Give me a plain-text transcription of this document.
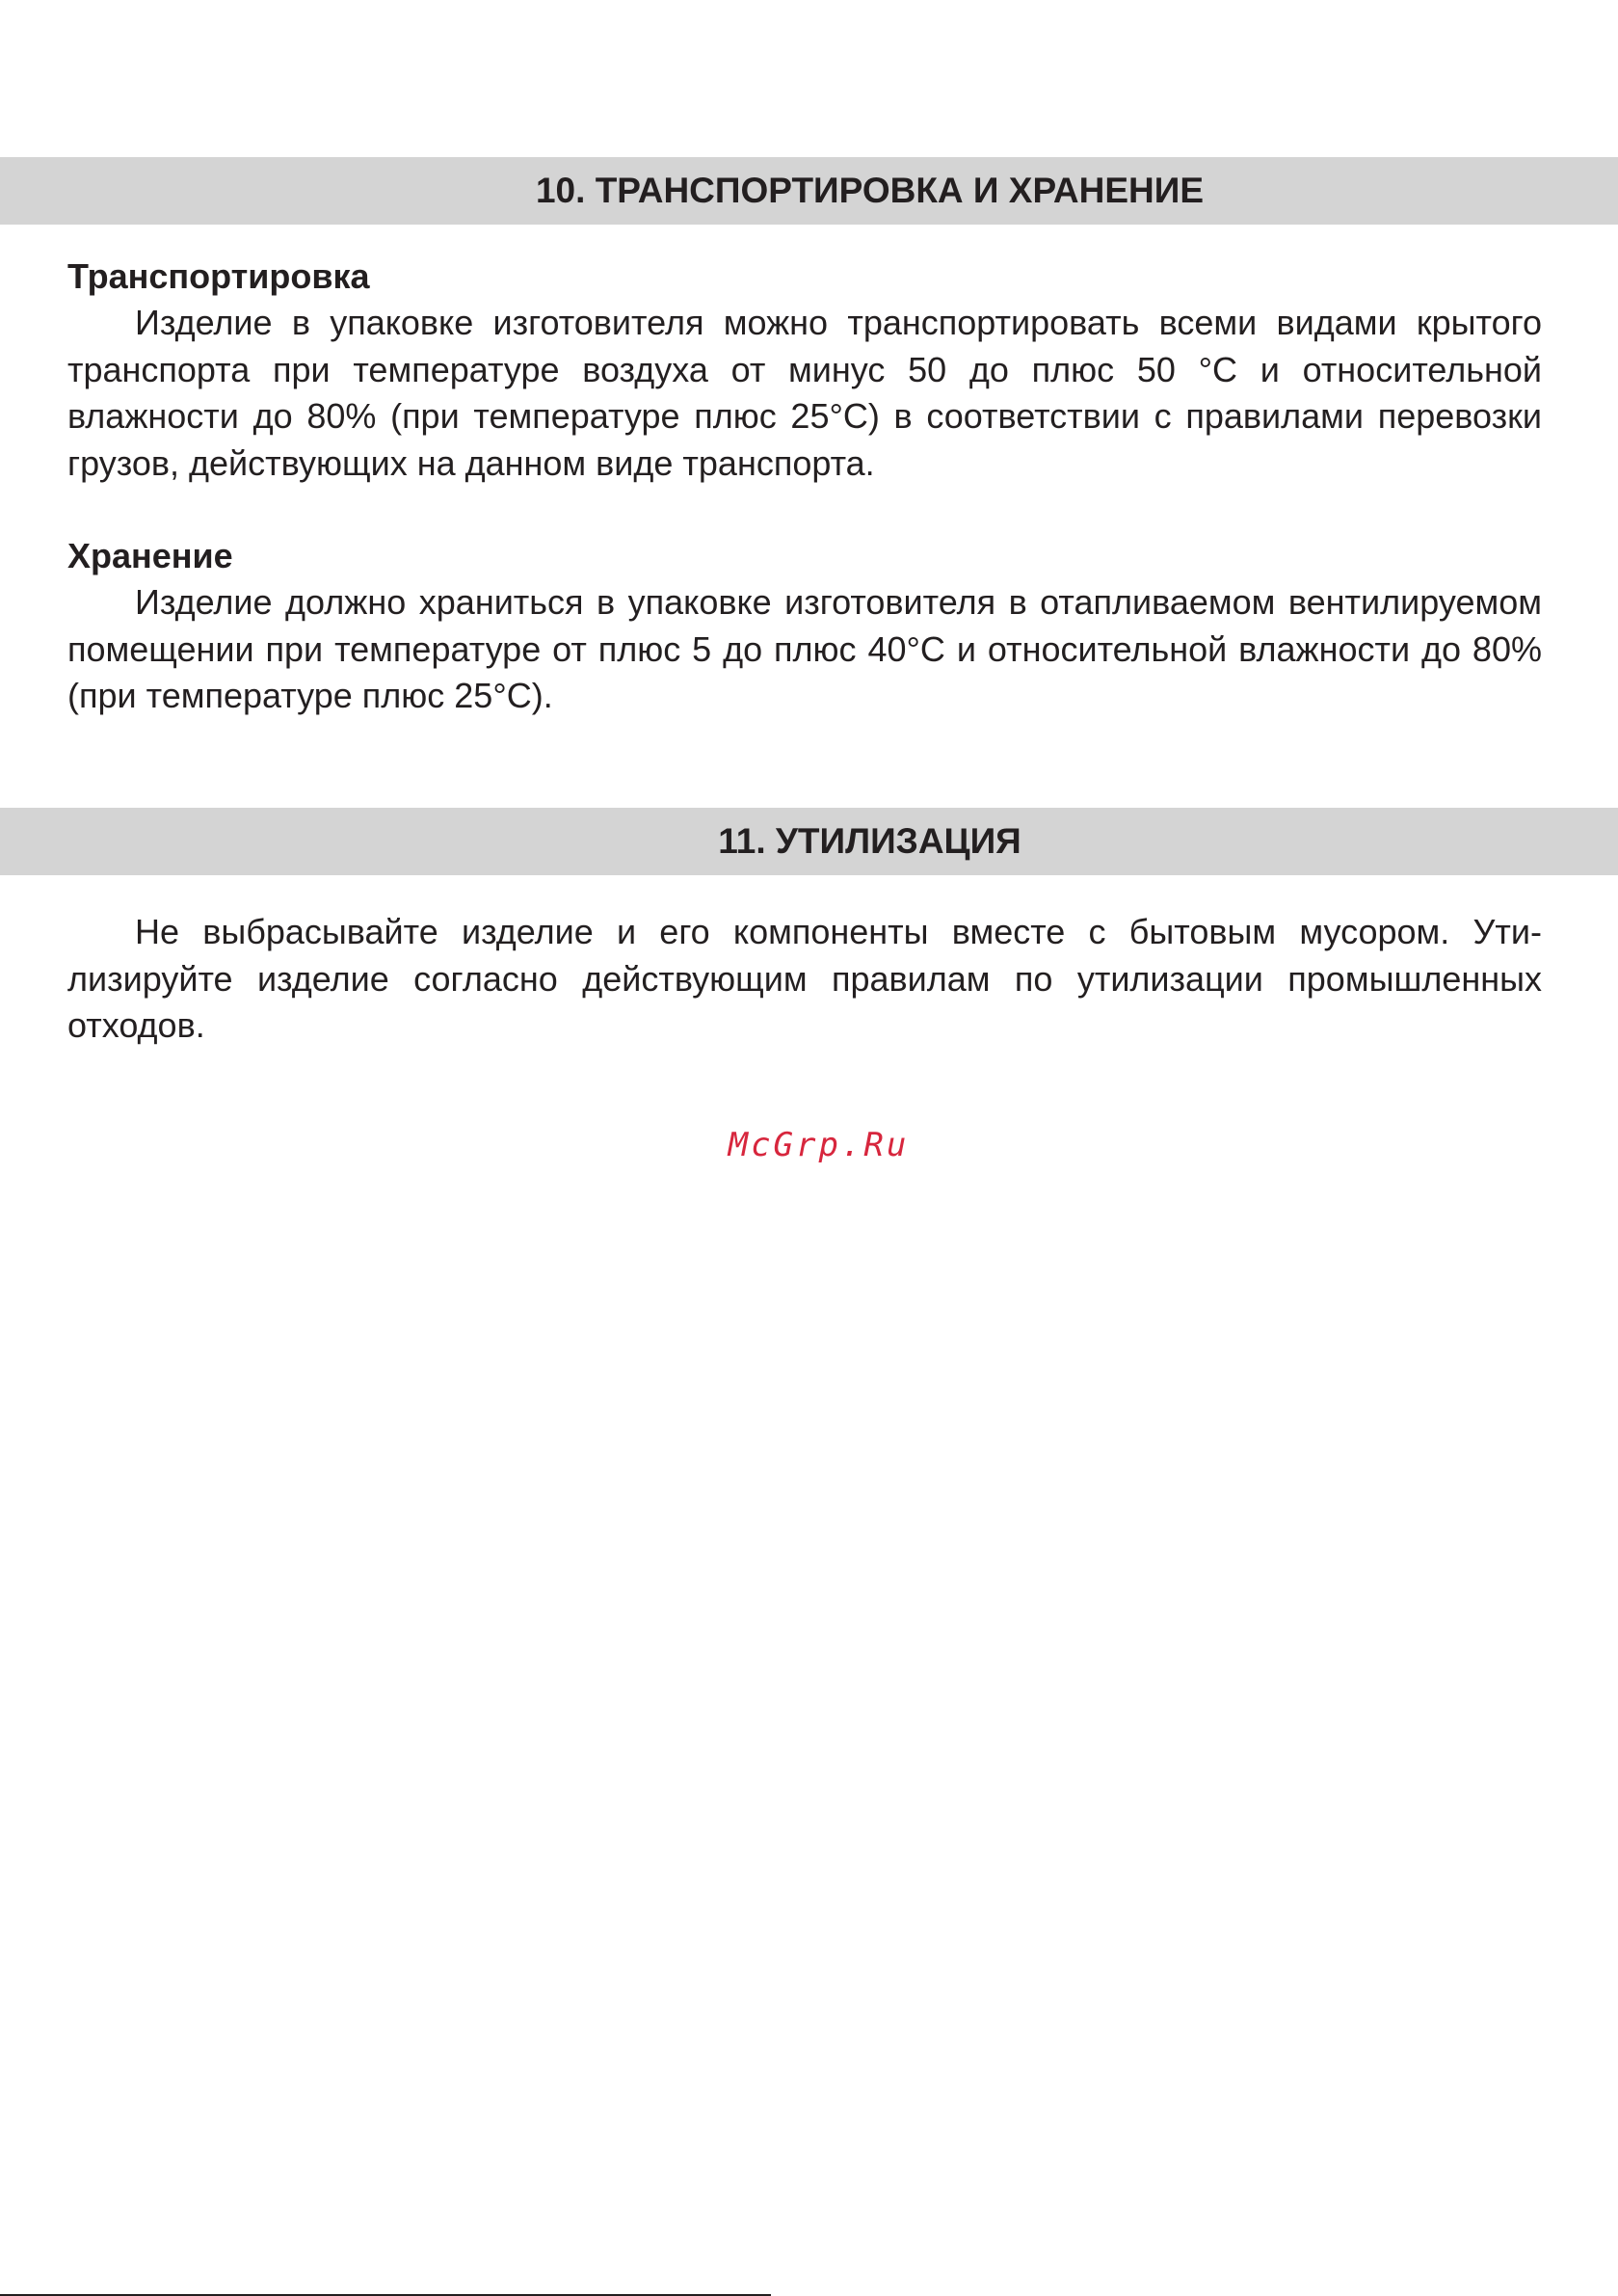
10. ТРАНСПОРТИРОВКА И ХРАНЕНИЕ
Транспортировка

Изделие в упаковке изготовителя можно транспортировать всеми видами крытого транспорта при температуре воздуха от минус 50 до плюс 50 °С и относительной влажности до 80% (при температуре плюс 25°С) в соответствии с правилами перевозки грузов, действующих на данном виде транспорта.

Хранение

Изделие должно храниться в упаковке изготовителя в отапливаемом вентилируемом помещении при температуре от плюс 5 до плюс 40°С и относительной влажности до 80% (при температуре плюс 25°С).

11. УТИЛИЗАЦИЯ

Не выбрасывайте изделие и его компоненты вместе с бытовым мусором. Утилизируйте изделие согласно действующим правилам по утилизации промышленных отходов.

McGrp.Ru
